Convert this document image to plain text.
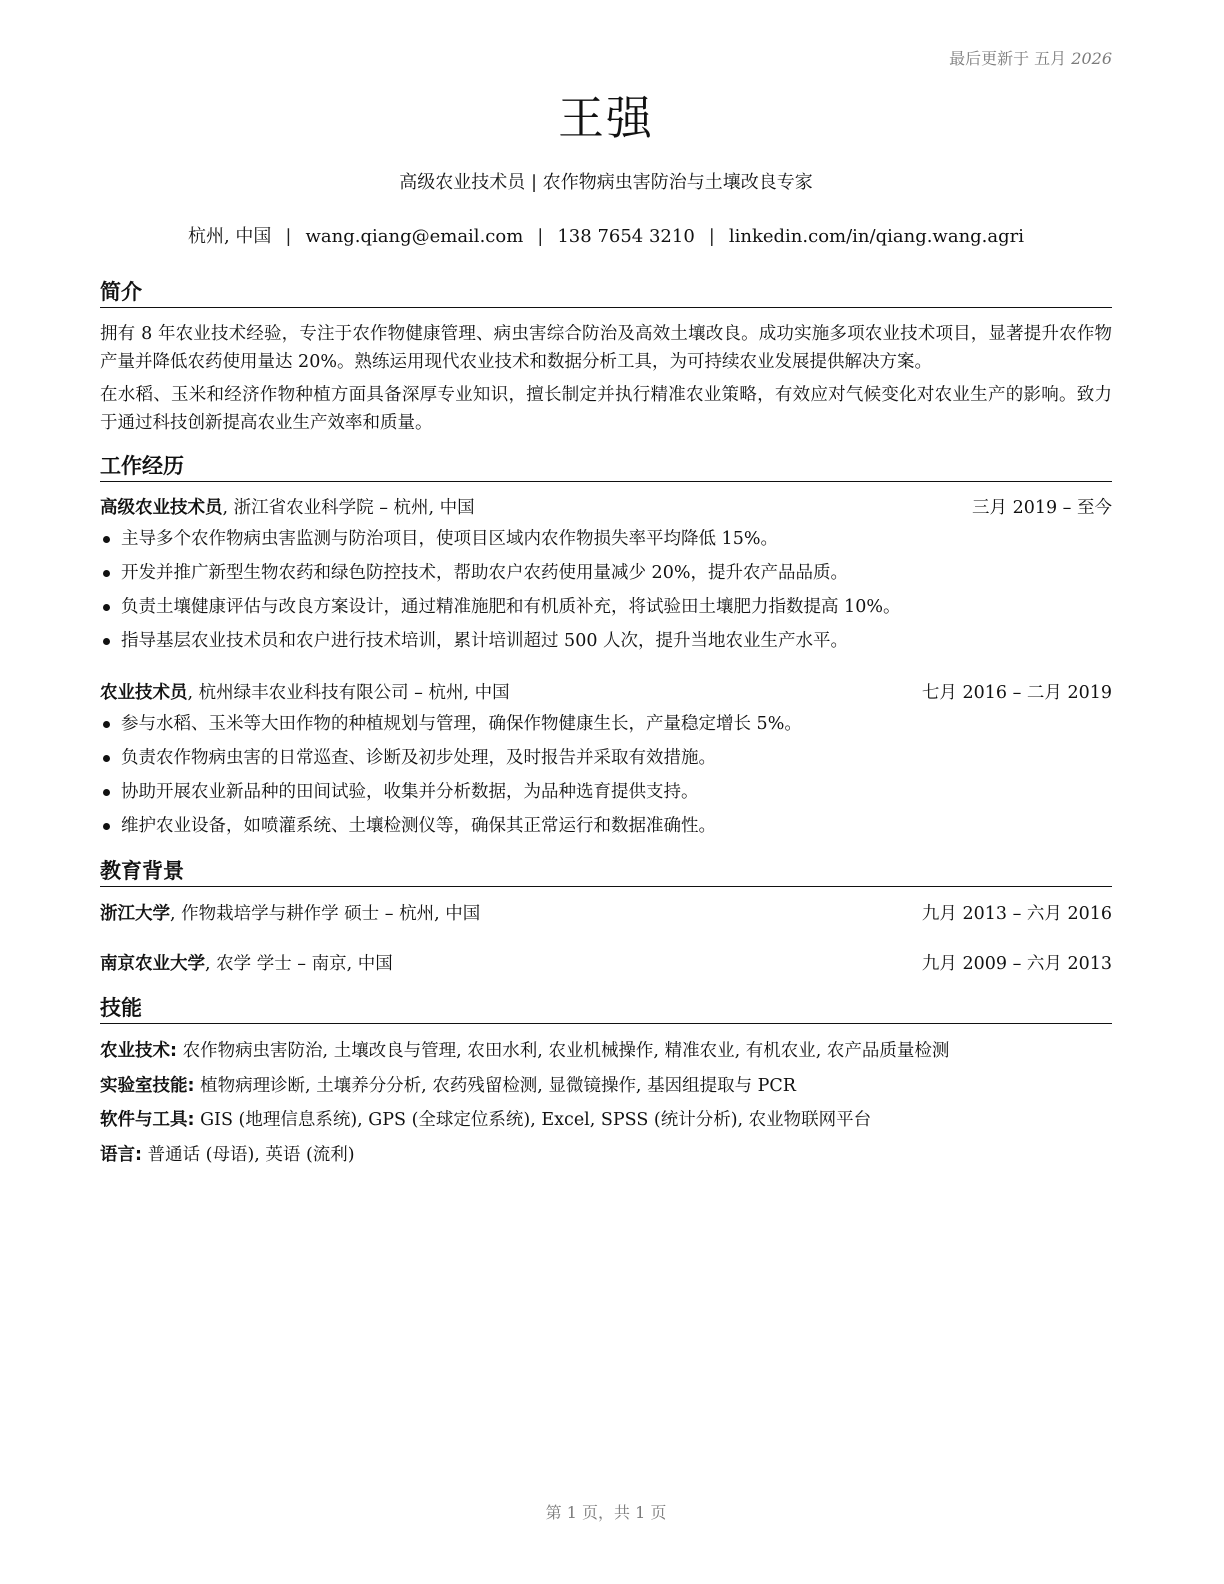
最后更新于 五月 2026
王强
高级农业技术员 | 农作物病虫害防治与土壤改良专家
杭州, 中国 | wang.qiang@email.com | 138 7654 3210 | linkedin.com/in/qiang.wang.agri
简介
拥有 8 年农业技术经验，专注于农作物健康管理、病虫害综合防治及高效土壤改良。成功实施多项农业技术项目，显著提升农作物产量并降低农药使用量达 20%。熟练运用现代农业技术和数据分析工具，为可持续农业发展提供解决方案。
在水稻、玉米和经济作物种植方面具备深厚专业知识，擅长制定并执行精准农业策略，有效应对气候变化对农业生产的影响。致力于通过科技创新提高农业生产效率和质量。
工作经历
高级农业技术员, 浙江省农业科学院 – 杭州, 中国	三月 2019 – 至今
主导多个农作物病虫害监测与防治项目，使项目区域内农作物损失率平均降低 15%。
开发并推广新型生物农药和绿色防控技术，帮助农户农药使用量减少 20%，提升农产品品质。
负责土壤健康评估与改良方案设计，通过精准施肥和有机质补充，将试验田土壤肥力指数提高 10%。
指导基层农业技术员和农户进行技术培训，累计培训超过 500 人次，提升当地农业生产水平。
农业技术员, 杭州绿丰农业科技有限公司 – 杭州, 中国	七月 2016 – 二月 2019
参与水稻、玉米等大田作物的种植规划与管理，确保作物健康生长，产量稳定增长 5%。
负责农作物病虫害的日常巡查、诊断及初步处理，及时报告并采取有效措施。
协助开展农业新品种的田间试验，收集并分析数据，为品种选育提供支持。
维护农业设备，如喷灌系统、土壤检测仪等，确保其正常运行和数据准确性。
教育背景
浙江大学, 作物栽培学与耕作学 硕士 – 杭州, 中国	九月 2013 – 六月 2016
南京农业大学, 农学 学士 – 南京, 中国	九月 2009 – 六月 2013
技能
农业技术: 农作物病虫害防治, 土壤改良与管理, 农田水利, 农业机械操作, 精准农业, 有机农业, 农产品质量检测
实验室技能: 植物病理诊断, 土壤养分分析, 农药残留检测, 显微镜操作, 基因组提取与 PCR
软件与工具: GIS (地理信息系统), GPS (全球定位系统), Excel, SPSS (统计分析), 农业物联网平台
语言: 普通话 (母语), 英语 (流利)
第 1 页，共 1 页
